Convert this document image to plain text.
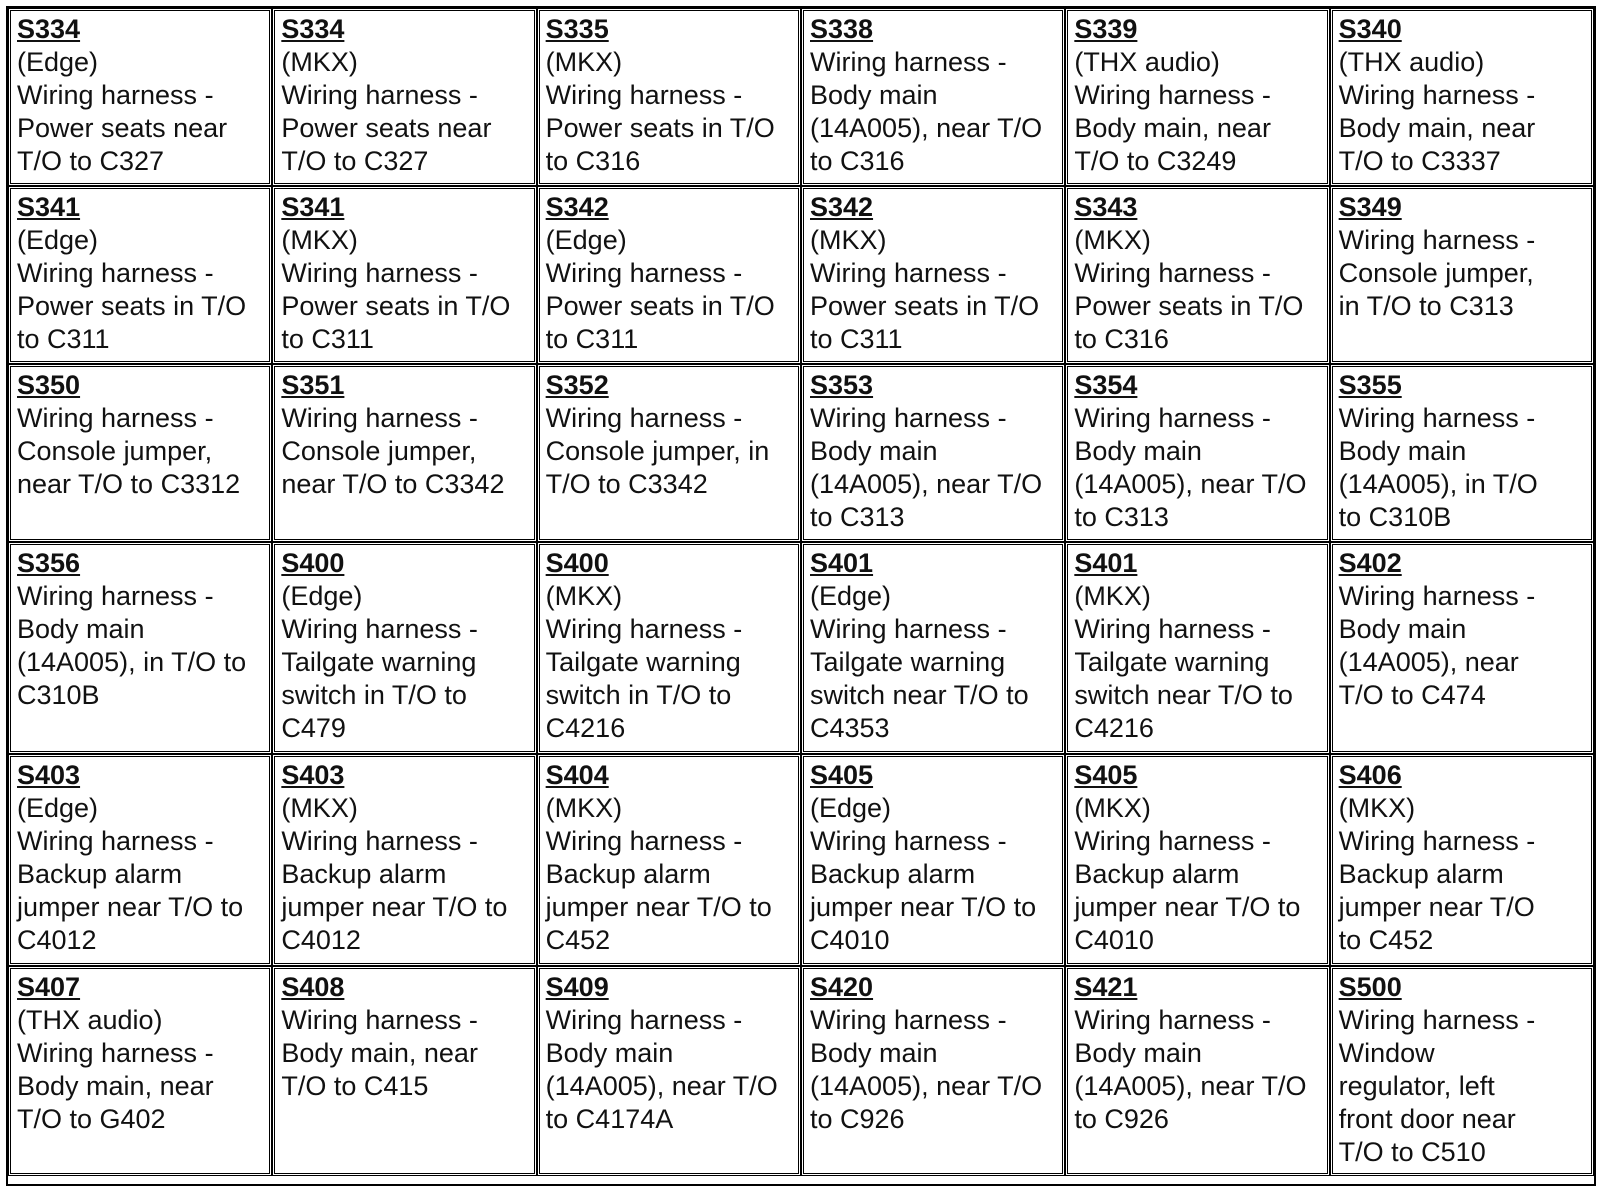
S334
(Edge)
Wiring harness -
Power seats near
T/O to C327
S334
(MKX)
Wiring harness -
Power seats near
T/O to C327
S335
(MKX)
Wiring harness -
Power seats in T/O
to C316
S338
Wiring harness -
Body main
(14A005), near T/O
to C316
S339
(THX audio)
Wiring harness -
Body main, near
T/O to C3249
S340
(THX audio)
Wiring harness -
Body main, near
T/O to C3337
S341
(Edge)
Wiring harness -
Power seats in T/O
to C311
S341
(MKX)
Wiring harness -
Power seats in T/O
to C311
S342
(Edge)
Wiring harness -
Power seats in T/O
to C311
S342
(MKX)
Wiring harness -
Power seats in T/O
to C311
S343
(MKX)
Wiring harness -
Power seats in T/O
to C316
S349
Wiring harness -
Console jumper,
in T/O to C313
S350
Wiring harness -
Console jumper,
near T/O to C3312
S351
Wiring harness -
Console jumper,
near T/O to C3342
S352
Wiring harness -
Console jumper, in
T/O to C3342
S353
Wiring harness -
Body main
(14A005), near T/O
to C313
S354
Wiring harness -
Body main
(14A005), near T/O
to C313
S355
Wiring harness -
Body main
(14A005), in T/O
to C310B
S356
Wiring harness -
Body main
(14A005), in T/O to
C310B
S400
(Edge)
Wiring harness -
Tailgate warning
switch in T/O to
C479
S400
(MKX)
Wiring harness -
Tailgate warning
switch in T/O to
C4216
S401
(Edge)
Wiring harness -
Tailgate warning
switch near T/O to
C4353
S401
(MKX)
Wiring harness -
Tailgate warning
switch near T/O to
C4216
S402
Wiring harness -
Body main
(14A005), near
T/O to C474
S403
(Edge)
Wiring harness -
Backup alarm
jumper near T/O to
C4012
S403
(MKX)
Wiring harness -
Backup alarm
jumper near T/O to
C4012
S404
(MKX)
Wiring harness -
Backup alarm
jumper near T/O to
C452
S405
(Edge)
Wiring harness -
Backup alarm
jumper near T/O to
C4010
S405
(MKX)
Wiring harness -
Backup alarm
jumper near T/O to
C4010
S406
(MKX)
Wiring harness -
Backup alarm
jumper near T/O
to C452
S407
(THX audio)
Wiring harness -
Body main, near
T/O to G402
S408
Wiring harness -
Body main, near
T/O to C415
S409
Wiring harness -
Body main
(14A005), near T/O
to C4174A
S420
Wiring harness -
Body main
(14A005), near T/O
to C926
S421
Wiring harness -
Body main
(14A005), near T/O
to C926
S500
Wiring harness -
Window
regulator, left
front door near
T/O to C510
